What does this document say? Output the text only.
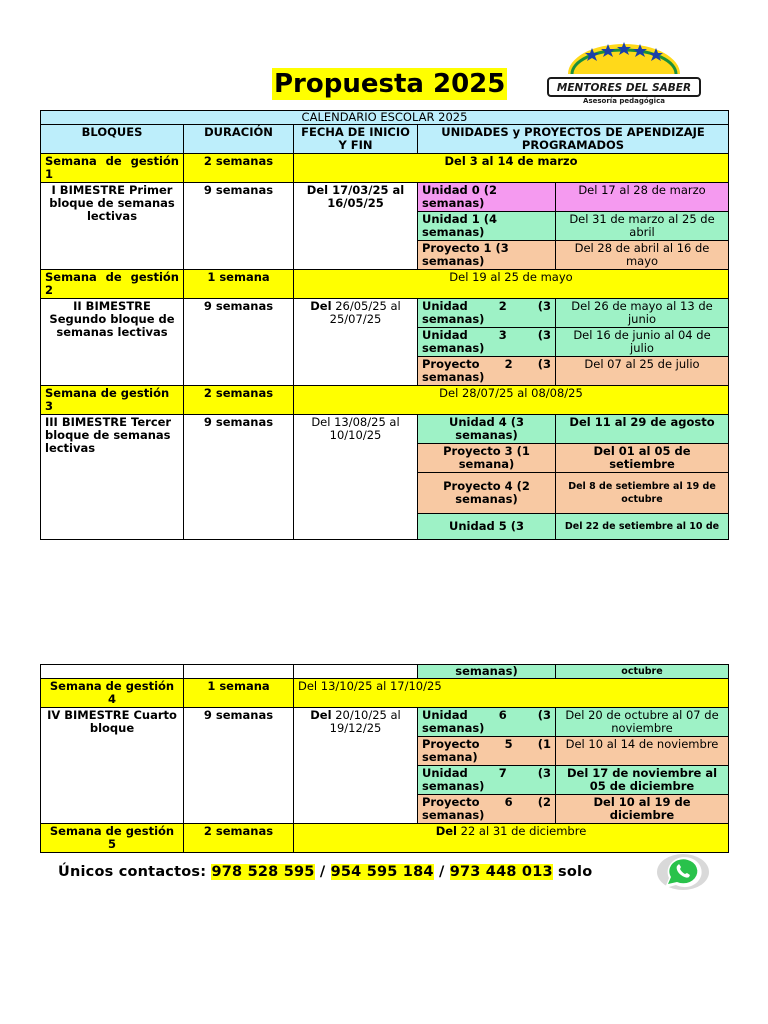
Propuesta 2025	MENTORES DEL SABER
Asesoría pedagógica
CALENDARIO ESCOLAR 2025				
BLOQUES	DURACIÓN	FECHA DE INICIO Y FIN	UNIDADES y PROYECTOS DE APENDIZAJE PROGRAMADOS	
Semana de gestión 1	2 semanas	Del 3 al 14 de marzo		
I BIMESTRE Primer bloque de semanas lectivas	9 semanas	Del 17/03/25 al 16/05/25	Unidad 0 (2 semanas)	Del 17 al 28 de marzo
			Unidad 1 (4 semanas)	Del 31 de marzo al 25 de abril
			Proyecto 1 (3 semanas)	Del 28 de abril al 16 de mayo
Semana de gestión 2	1 semana	Del 19 al 25 de mayo		
II BIMESTRE Segundo bloque de semanas lectivas	9 semanas	Del 26/05/25 al 25/07/25	Unidad 2 (3 semanas)	Del 26 de mayo al 13 de junio
			Unidad 3 (3 semanas)	Del 16 de junio al 04 de julio
			Proyecto 2 (3 semanas)	Del 07 al 25 de julio
Semana de gestión 3	2 semanas	Del 28/07/25 al 08/08/25		
III BIMESTRE Tercer bloque de semanas lectivas	9 semanas	Del 13/08/25 al 10/10/25	Unidad 4 (3 semanas)	Del 11 al 29 de agosto
			Proyecto 3 (1 semana)	Del 01 al 05 de setiembre
			Proyecto 4 (2 semanas)	Del 8 de setiembre al 19 de octubre
			Unidad 5 (3	Del 22 de setiembre al 10 de
			semanas)	octubre
Semana de gestión 4	1 semana	Del 13/10/25 al 17/10/25		
IV BIMESTRE Cuarto bloque	9 semanas	Del 20/10/25 al 19/12/25	Unidad 6 (3 semanas)	Del 20 de octubre al 07 de noviembre
			Proyecto 5 (1 semana)	Del 10 al 14 de noviembre
			Unidad 7 (3 semanas)	Del 17 de noviembre al 05 de diciembre
			Proyecto 6 (2 semanas)	Del 10 al 19 de diciembre
Semana de gestión 5	2 semanas	Del 22 al 31 de diciembre		
Únicos contactos: 978 528 595 / 954 595 184 / 973 448 013 solo
